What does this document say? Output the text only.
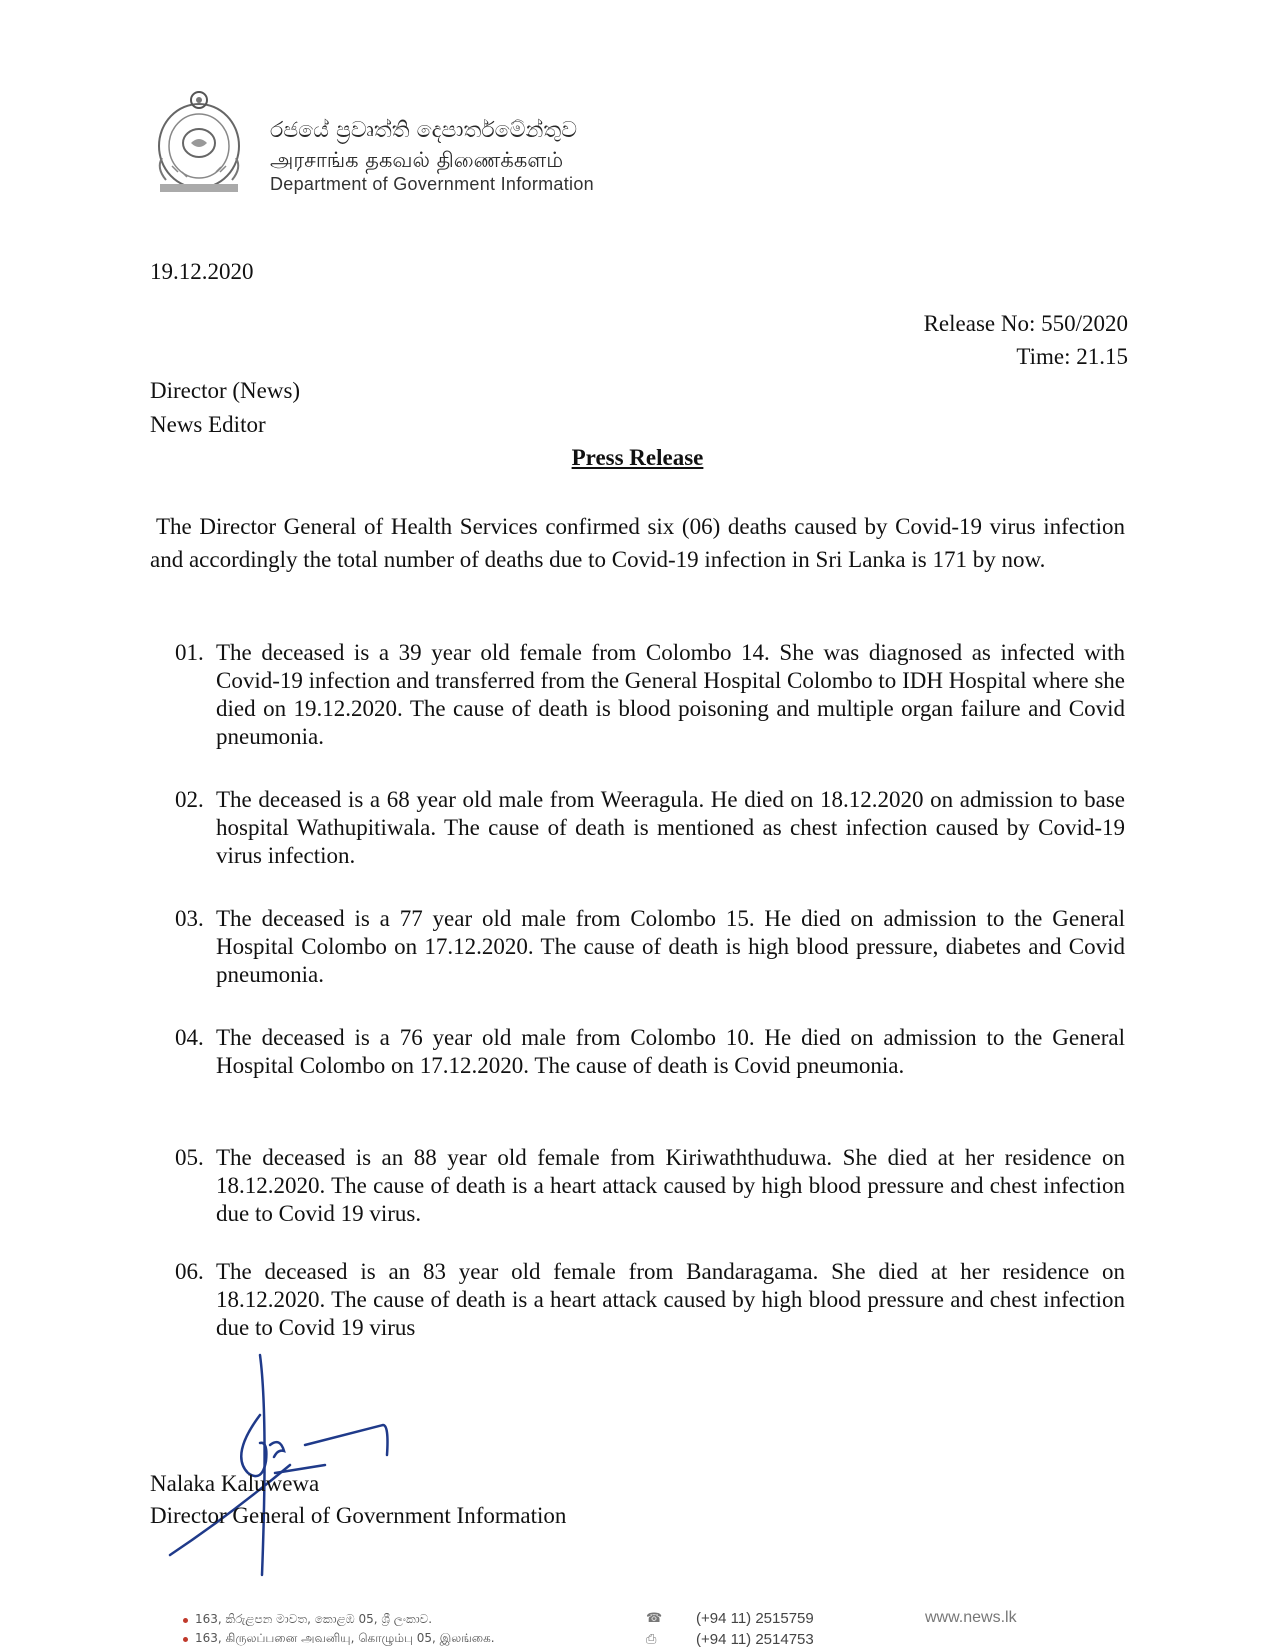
රජයේ ප්‍රවෘත්ති දෙපාර්තමේන්තුව
அரசாங்க தகவல் திணைக்களம்
Department of Government Information
19.12.2020
Release No: 550/2020
Time: 21.15
Director (News)
News Editor
Press Release
The Director General of Health Services confirmed six (06) deaths caused by Covid-19 virus infection and accordingly the total number of deaths due to Covid-19 infection in Sri Lanka is 171 by now.
01. The deceased is a 39 year old female from Colombo 14. She was diagnosed as infected with Covid-19 infection and transferred from the General Hospital Colombo to IDH Hospital where she died on 19.12.2020. The cause of death is blood poisoning and multiple organ failure and Covid pneumonia.
02. The deceased is a 68 year old male from Weeragula. He died on 18.12.2020 on admission to base hospital Wathupitiwala. The cause of death is mentioned as chest infection caused by Covid-19 virus infection.
03. The deceased is a 77 year old male from Colombo 15. He died on admission to the General Hospital Colombo on 17.12.2020. The cause of death is high blood pressure, diabetes and Covid pneumonia.
04. The deceased is a 76 year old male from Colombo 10. He died on admission to the General Hospital Colombo on 17.12.2020. The cause of death is Covid pneumonia.
05. The deceased is an 88 year old female from Kiriwaththuduwa. She died at her residence on 18.12.2020. The cause of death is a heart attack caused by high blood pressure and chest infection due to Covid 19 virus.
06. The deceased is an 83 year old female from Bandaragama. She died at her residence on 18.12.2020. The cause of death is a heart attack caused by high blood pressure and chest infection due to Covid 19 virus
Nalaka Kaluwewa
Director General of Government Information
163, කිරුළපන මාවත, කොළඹ 05, ශ්‍රී ලංකාව.
163, கிருலப்பனை அவனியு, கொழும்பு 05, இலங்கை.
☎
⎙
(+94 11) 2515759
(+94 11) 2514753
www.news.lk
